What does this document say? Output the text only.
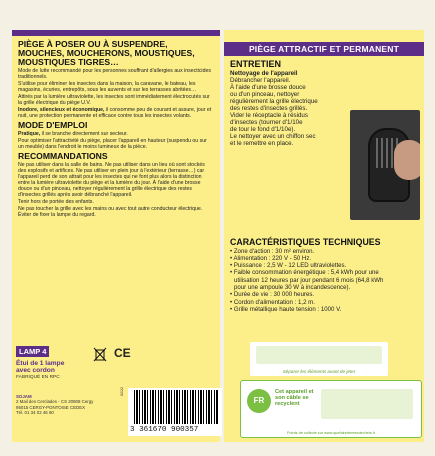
PIÈGE À POSER OU À SUSPENDRE,
MOUCHES, MOUCHERONS, MOUSTIQUES,
MOUSTIQUES TIGRES…

Mode de lutte recommandé pour les personnes souffrant d'allergies aux insecticides traditionnels.

S'utilise pour éliminer les insectes dans la maison, la caravane, le bateau, les magasins, écuries, entrepôts, sous les auvents et sur les terrasses abritées…

Attirés par la lumière ultraviolette, les insectes sont immédiatement électrocutés sur la grille électrique du piège U.V.

Inodore, silencieux et économique, il consomme peu de courant et assure, jour et nuit, une protection permanente et efficace contre tous les insectes volants.

MODE D'EMPLOI

Pratique, il se branche directement sur secteur.

Pour optimiser l'attractivité du piège, placer l'appareil en hauteur (suspendu ou sur un meuble) dans l'endroit le moins lumineux de la pièce.

RECOMMANDATIONS

Ne pas utiliser dans la salle de bains. Ne pas utiliser dans un lieu où sont stockés des explosifs et artifices. Ne pas utiliser en plein jour à l'extérieur (terrasse…) car l'appareil perd de son attrait pour les insectes qui ne font plus alors la distinction entre la lumière ultraviolette du piège et la lumière du jour. À l'aide d'une brosse douce ou d'un pinceau, nettoyer régulièrement la grille électrique des restes d'insectes grillés après avoir débranché l'appareil.

Tenir hors de portée des enfants.

Ne pas toucher la grille avec les mains ou avec tout autre conducteur électrique. Éviter de fixer la lampe du regard.

LAMP 4
Étui de 1 lampe
avec cordon
FABRIQUÉ EN RPC
SOJAM
2 Mail des Cerclades - CS 20808 Cergy
95015 CERGY-PONTOISE CEDEX
Tél. 01 34 02 46 60
CE
02/22
3 361670 900357
PIÈGE ATTRACTIF ET PERMANENT
ENTRETIEN
Nettoyage de l'appareil
Débrancher l'appareil.
À l'aide d'une brosse douce
ou d'un pinceau, nettoyer
régulièrement la grille électrique
des restes d'insectes grillés.
Vider le réceptacle à résidus
d'insectes (tourner d'1/10e
de tour le fond d'1/10e).
Le nettoyer avec un chiffon sec
et le remettre en place.
CARACTÉRISTIQUES TECHNIQUES
• Zone d'action : 30 m² environ.
• Alimentation : 220 V - 50 Hz.
• Puissance : 2,5 W - 12 LED ultraviolettes.
• Faible consommation énergétique : 5,4 kWh pour une
utilisation 12 heures par jour pendant 6 mois (64,8 kWh
pour une ampoule 30 W à incandescence).
• Durée de vie : 30 000 heures.
• Cordon d'alimentation : 1,2 m.
• Grille métallique haute tension : 1000 V.
Séparer les éléments avant de jeter
FR
Cet appareil et son câble se recyclent
Points de collecte sur www.quefairedemesdechets.fr
